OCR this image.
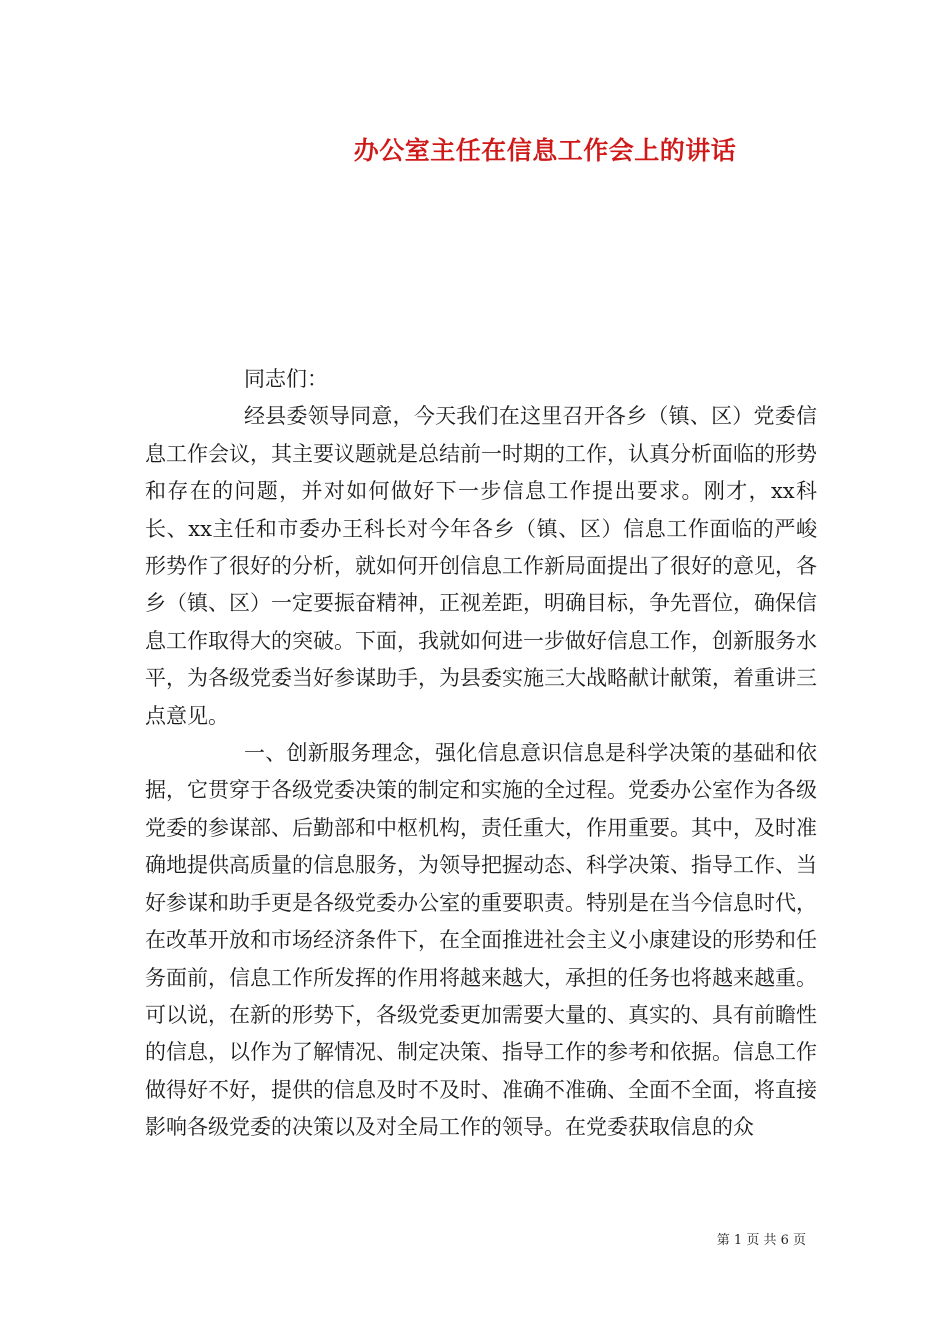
办公室主任在信息工作会上的讲话

同志们：

经县委领导同意，今天我们在这里召开各乡（镇、区）党委信息工作会议，其主要议题就是总结前一时期的工作，认真分析面临的形势和存在的问题，并对如何做好下一步信息工作提出要求。刚才，xx科长、xx主任和市委办王科长对今年各乡（镇、区）信息工作面临的严峻形势作了很好的分析，就如何开创信息工作新局面提出了很好的意见，各乡（镇、区）一定要振奋精神，正视差距，明确目标，争先晋位，确保信息工作取得大的突破。下面，我就如何进一步做好信息工作，创新服务水平，为各级党委当好参谋助手，为县委实施三大战略献计献策，着重讲三点意见。

一、创新服务理念，强化信息意识信息是科学决策的基础和依据，它贯穿于各级党委决策的制定和实施的全过程。党委办公室作为各级党委的参谋部、后勤部和中枢机构，责任重大，作用重要。其中，及时准确地提供高质量的信息服务，为领导把握动态、科学决策、指导工作、当好参谋和助手更是各级党委办公室的重要职责。特别是在当今信息时代，在改革开放和市场经济条件下，在全面推进社会主义小康建设的形势和任务面前，信息工作所发挥的作用将越来越大，承担的任务也将越来越重。可以说，在新的形势下，各级党委更加需要大量的、真实的、具有前瞻性的信息，以作为了解情况、制定决策、指导工作的参考和依据。信息工作做得好不好，提供的信息及时不及时、准确不准确、全面不全面，将直接影响各级党委的决策以及对全局工作的领导。在党委获取信息的众

第 1 页 共 6 页
